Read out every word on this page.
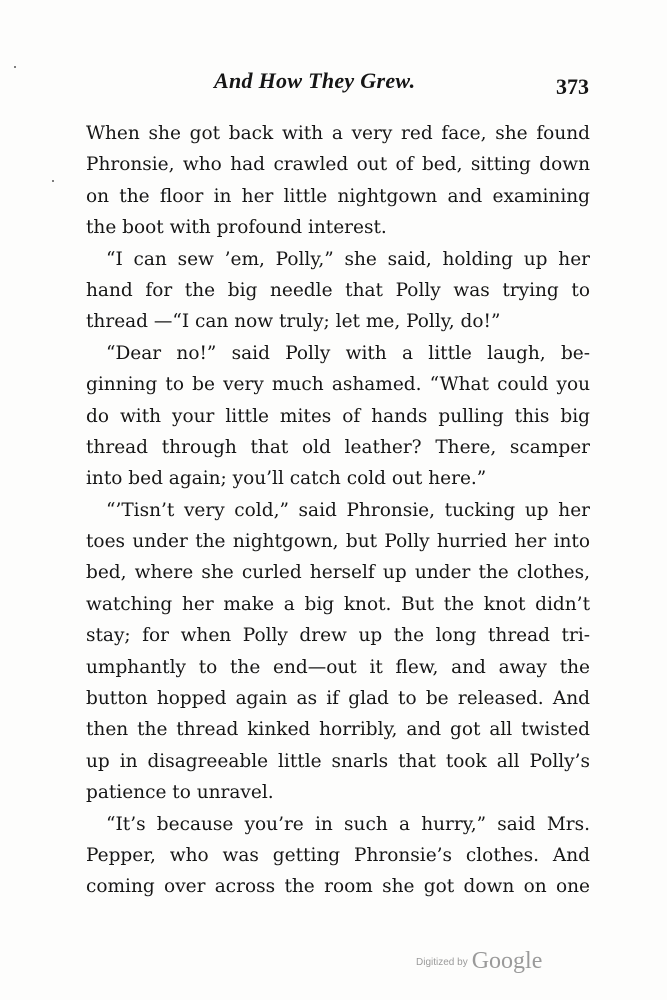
And How They Grew.	373
When she got back with a very red face, she found
Phronsie, who had crawled out of bed, sitting down
on the floor in her little nightgown and examining
the boot with profound interest.
“I can sew ’em, Polly,” she said, holding up her
hand for the big needle that Polly was trying to
thread —“I can now truly; let me, Polly, do!”
“Dear no!” said Polly with a little laugh, be-
ginning to be very much ashamed. “What could you
do with your little mites of hands pulling this big
thread through that old leather? There, scamper
into bed again; you’ll catch cold out here.”
“’Tisn’t very cold,” said Phronsie, tucking up her
toes under the nightgown, but Polly hurried her into
bed, where she curled herself up under the clothes,
watching her make a big knot. But the knot didn’t
stay; for when Polly drew up the long thread tri-
umphantly to the end—out it flew, and away the
button hopped again as if glad to be released. And
then the thread kinked horribly, and got all twisted
up in disagreeable little snarls that took all Polly’s
patience to unravel.
“It’s because you’re in such a hurry,” said Mrs.
Pepper, who was getting Phronsie’s clothes. And
coming over across the room she got down on one
Digitized by Google
